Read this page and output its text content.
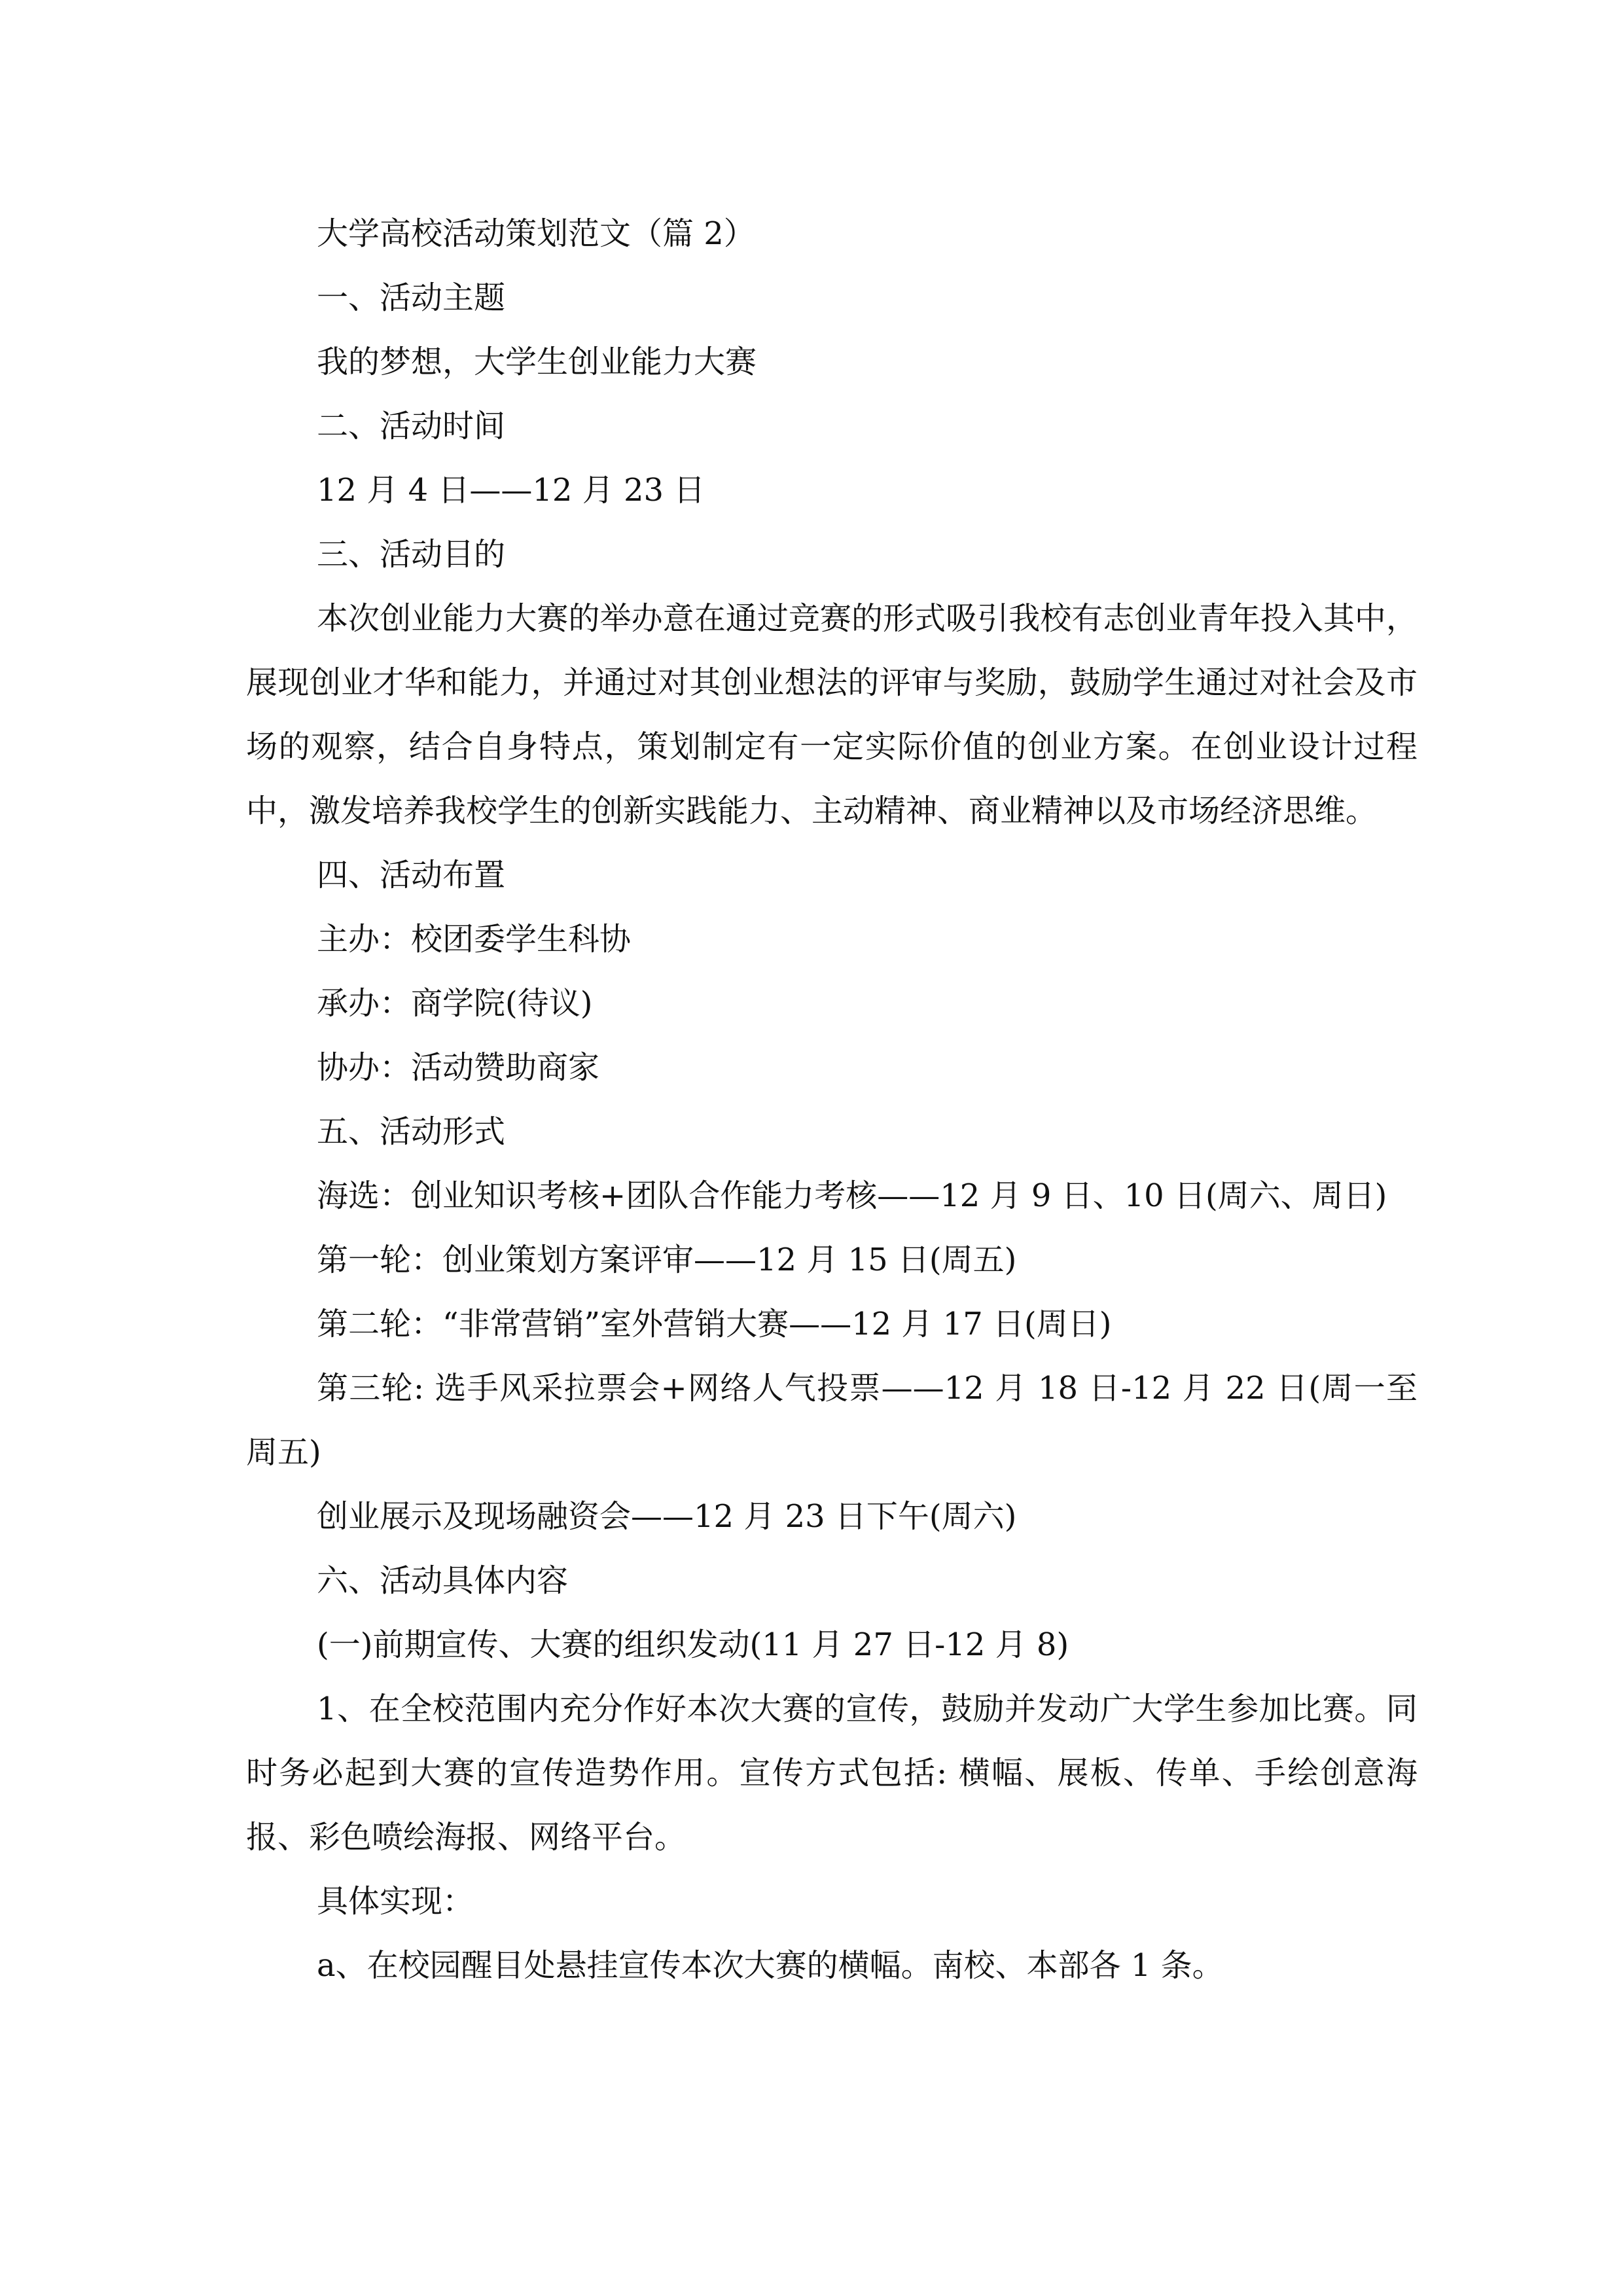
大学高校活动策划范文（篇 2）

一、活动主题

我的梦想，大学生创业能力大赛

二、活动时间

12 月 4 日——12 月 23 日

三、活动目的

本次创业能力大赛的举办意在通过竞赛的形式吸引我校有志创业青年投入其中，展现创业才华和能力，并通过对其创业想法的评审与奖励，鼓励学生通过对社会及市场的观察，结合自身特点，策划制定有一定实际价值的创业方案。在创业设计过程中，激发培养我校学生的创新实践能力、主动精神、商业精神以及市场经济思维。

四、活动布置

主办：校团委学生科协

承办：商学院(待议)

协办：活动赞助商家

五、活动形式

海选：创业知识考核+团队合作能力考核——12 月 9 日、10 日(周六、周日)

第一轮：创业策划方案评审——12 月 15 日(周五)

第二轮：“非常营销”室外营销大赛——12 月 17 日(周日)

第三轮: 选手风采拉票会+网络人气投票——12 月 18 日-12 月 22 日(周一至周五)

创业展示及现场融资会——12 月 23 日下午(周六)

六、活动具体内容

(一)前期宣传、大赛的组织发动(11 月 27 日-12 月 8)

1、在全校范围内充分作好本次大赛的宣传，鼓励并发动广大学生参加比赛。同时务必起到大赛的宣传造势作用。宣传方式包括: 横幅、展板、传单、手绘创意海报、彩色喷绘海报、网络平台。

具体实现：

a、在校园醒目处悬挂宣传本次大赛的横幅。南校、本部各 1 条。
